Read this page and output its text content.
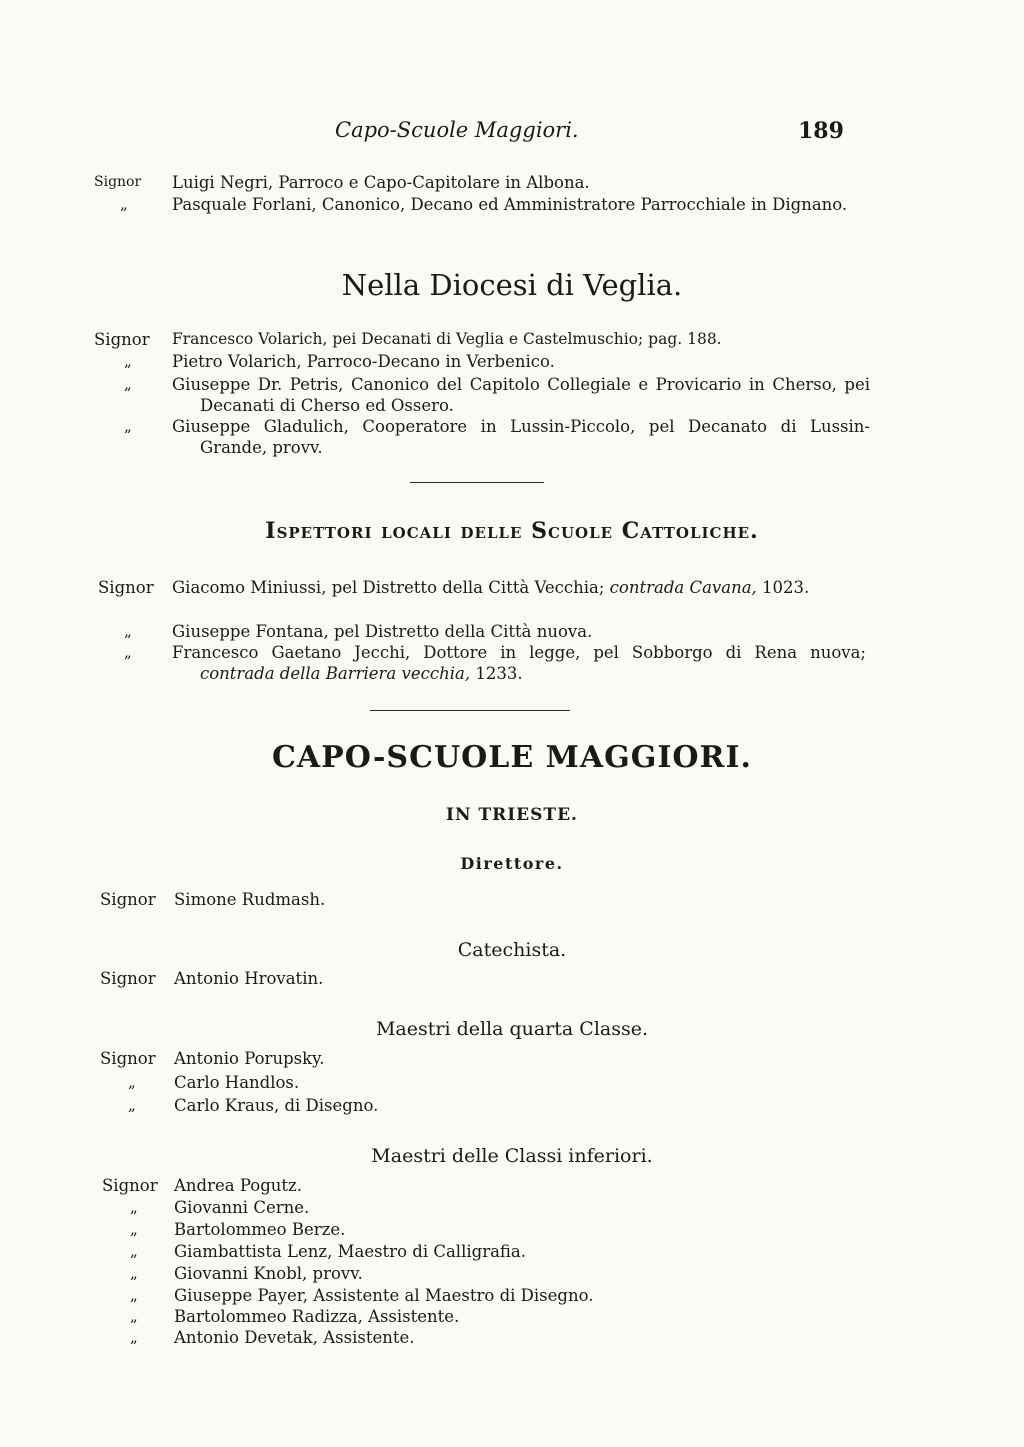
Capo-Scuole Maggiori.	189
Signor Luigi Negri, Parroco e Capo-Capitolare in Albona.
„	Pasquale Forlani, Canonico, Decano ed Amministratore Parrocchiale in Dignano.
Nella Diocesi di Veglia.
Signor Francesco Volarich, pei Decanati di Veglia e Castelmuschio; pag. 188.
„ Pietro Volarich, Parroco-Decano in Verbenico.
„ Giuseppe Dr. Petris, Canonico del Capitolo Collegiale e Provicario in Cherso, pei Decanati di Cherso ed Ossero.
„ Giuseppe Gladulich, Cooperatore in Lussin-Piccolo, pel Decanato di Lussin-Grande, provv.
Ispettori locali delle Scuole Cattoliche.
Signor Giacomo Miniussi, pel Distretto della Città Vecchia; contrada Cavana, 1023.
„ Giuseppe Fontana, pel Distretto della Città nuova.
„ Francesco Gaetano Jecchi, Dottore in legge, pel Sobborgo di Rena nuova; contrada della Barriera vecchia, 1233.
CAPO-SCUOLE MAGGIORI.
IN TRIESTE.
Direttore.
Signor Simone Rudmash.
Catechista.
Signor Antonio Hrovatin.
Maestri della quarta Classe.
Signor Antonio Porupsky.
„ Carlo Handlos.
„ Carlo Kraus, di Disegno.
Maestri delle Classi inferiori.
Signor Andrea Pogutz.
„ Giovanni Cerne.
„ Bartolommeo Berze.
„ Giambattista Lenz, Maestro di Calligrafia.
„ Giovanni Knobl, provv.
„ Giuseppe Payer, Assistente al Maestro di Disegno.
„ Bartolommeo Radizza, Assistente.
„ Antonio Devetak, Assistente.
